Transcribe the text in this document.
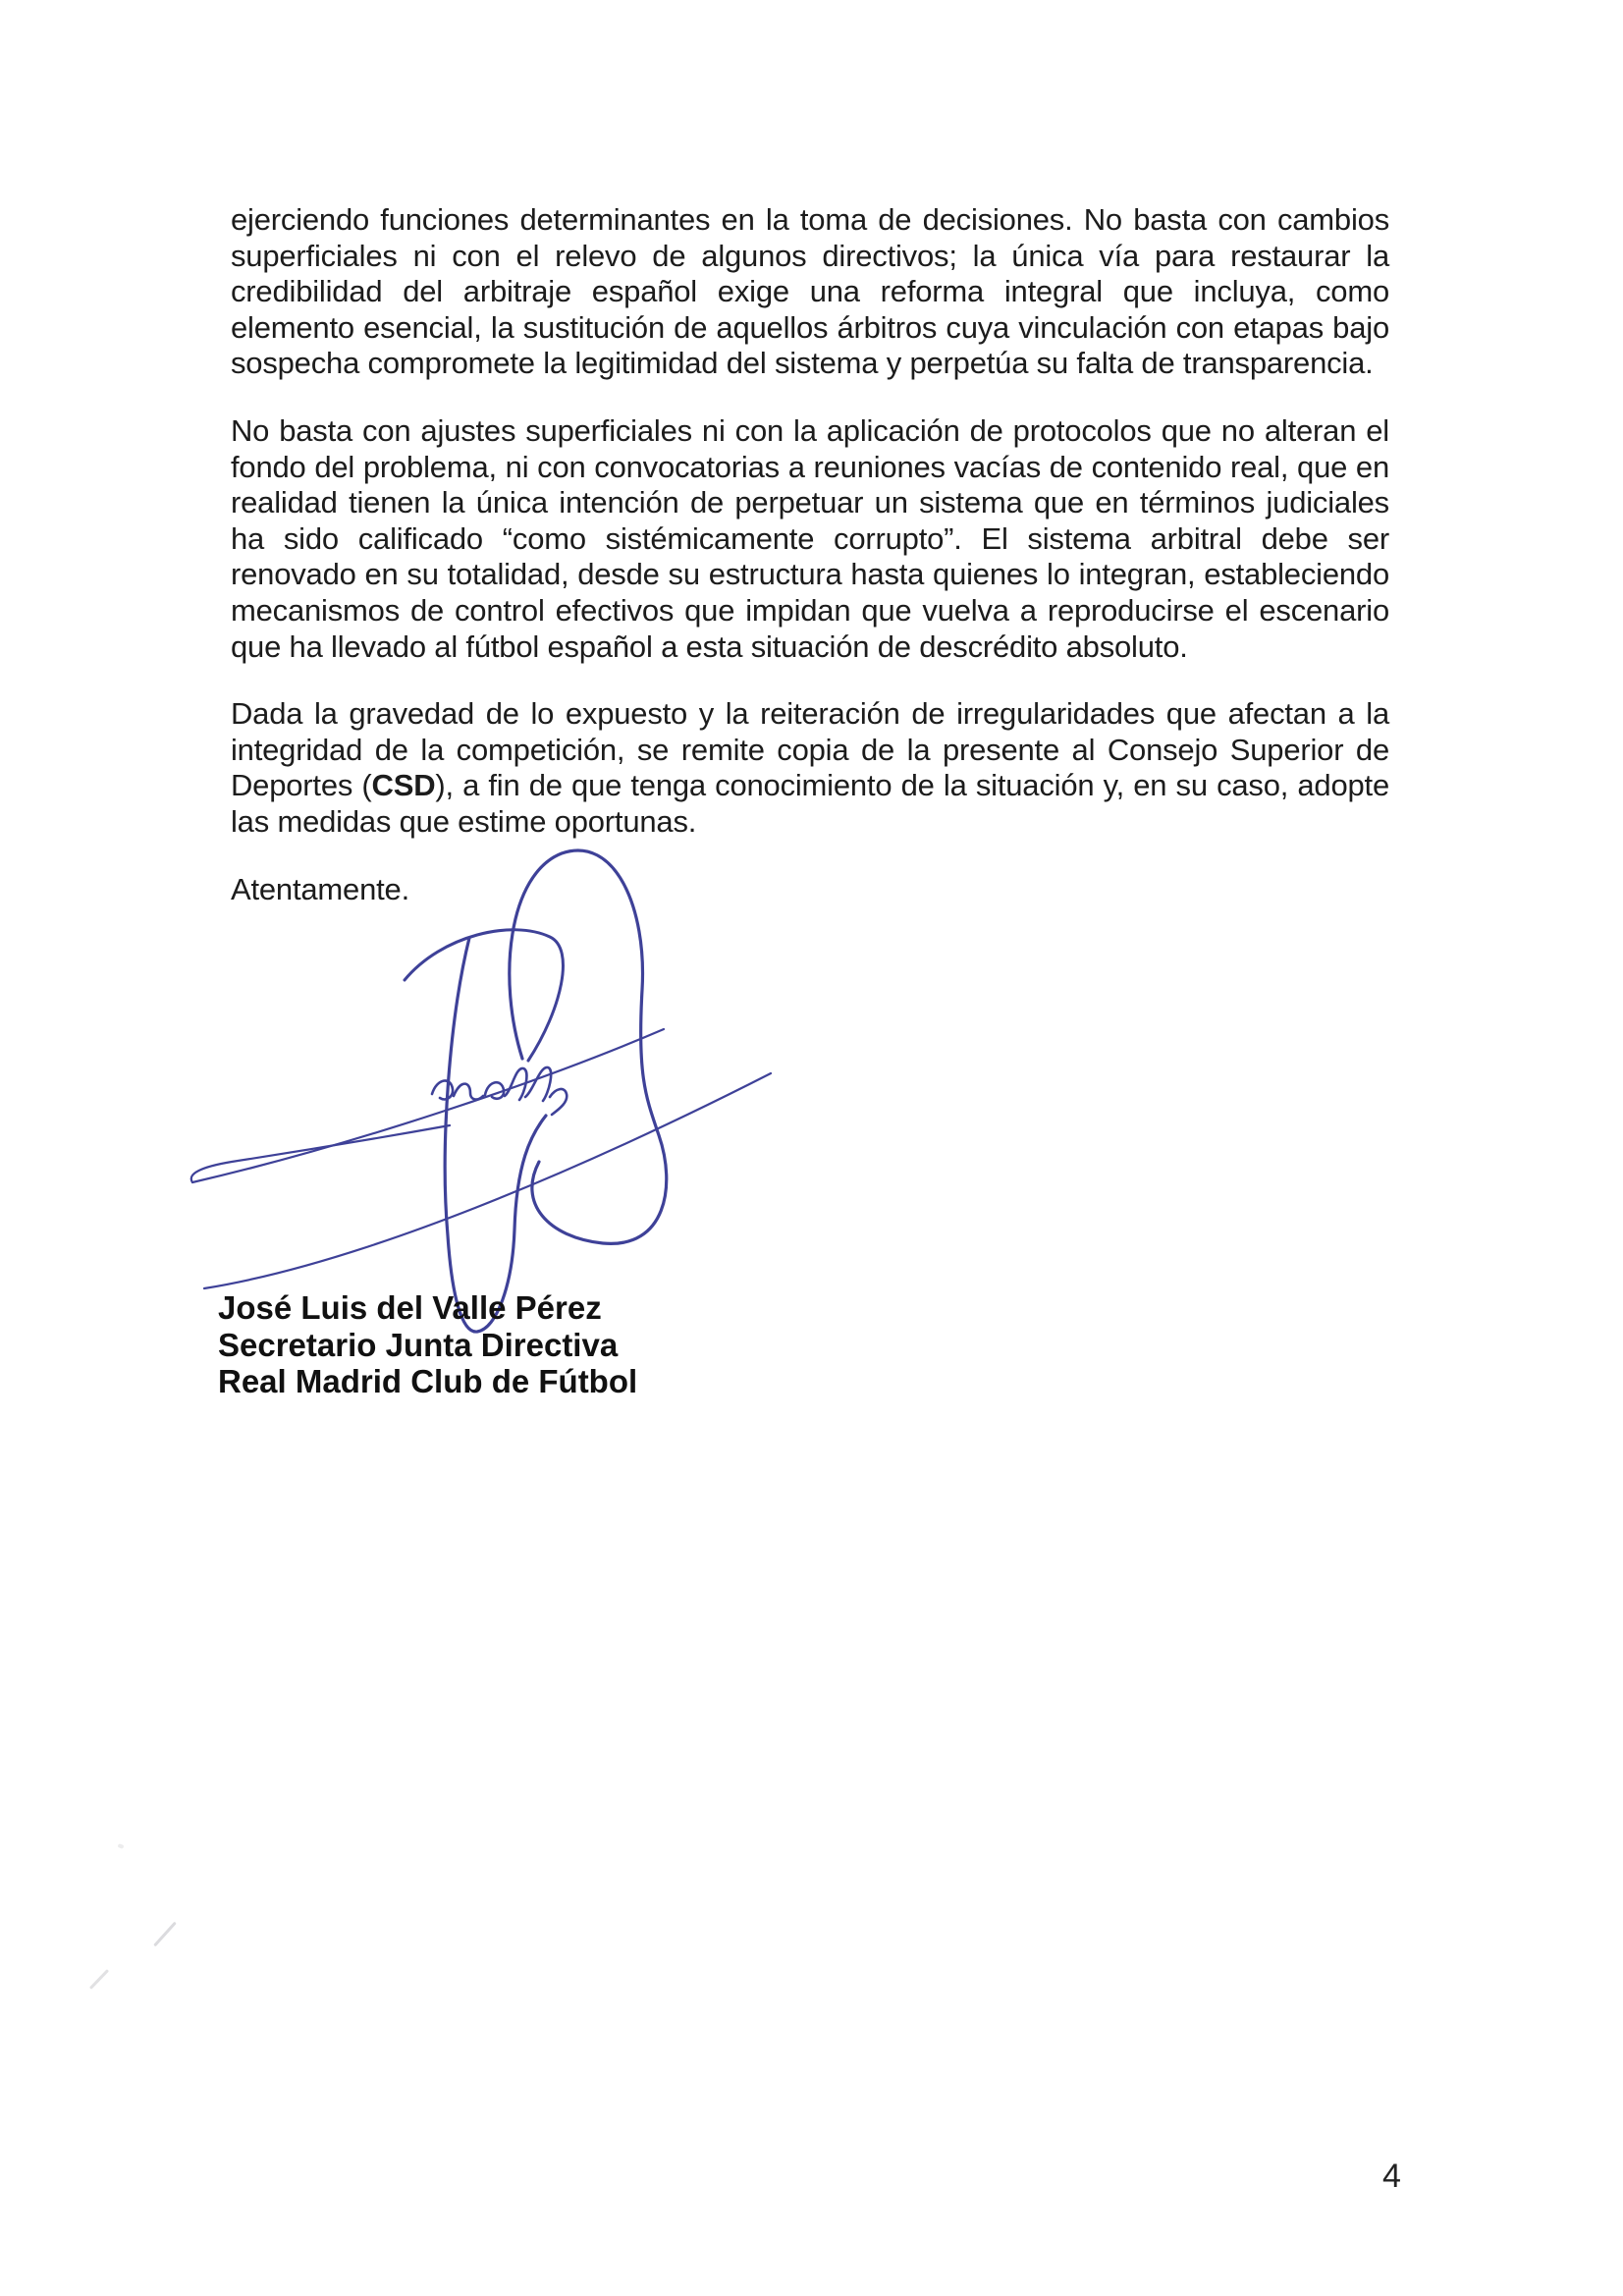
ejerciendo funciones determinantes en la toma de decisiones. No basta con cambios superficiales ni con el relevo de algunos directivos; la única vía para restaurar la credibilidad del arbitraje español exige una reforma integral que incluya, como elemento esencial, la sustitución de aquellos árbitros cuya vinculación con etapas bajo sospecha compromete la legitimidad del sistema y perpetúa su falta de transparencia.

No basta con ajustes superficiales ni con la aplicación de protocolos que no alteran el fondo del problema, ni con convocatorias a reuniones vacías de contenido real, que en realidad tienen la única intención de perpetuar un sistema que en términos judiciales ha sido calificado “como sistémicamente corrupto”. El sistema arbitral debe ser renovado en su totalidad, desde su estructura hasta quienes lo integran, estableciendo mecanismos de control efectivos que impidan que vuelva a reproducirse el escenario que ha llevado al fútbol español a esta situación de descrédito absoluto.

Dada la gravedad de lo expuesto y la reiteración de irregularidades que afectan a la integridad de la competición, se remite copia de la presente al Consejo Superior de Deportes (CSD), a fin de que tenga conocimiento de la situación y, en su caso, adopte las medidas que estime oportunas.

Atentamente.

José Luis del Valle Pérez
Secretario Junta Directiva
Real Madrid Club de Fútbol
4
